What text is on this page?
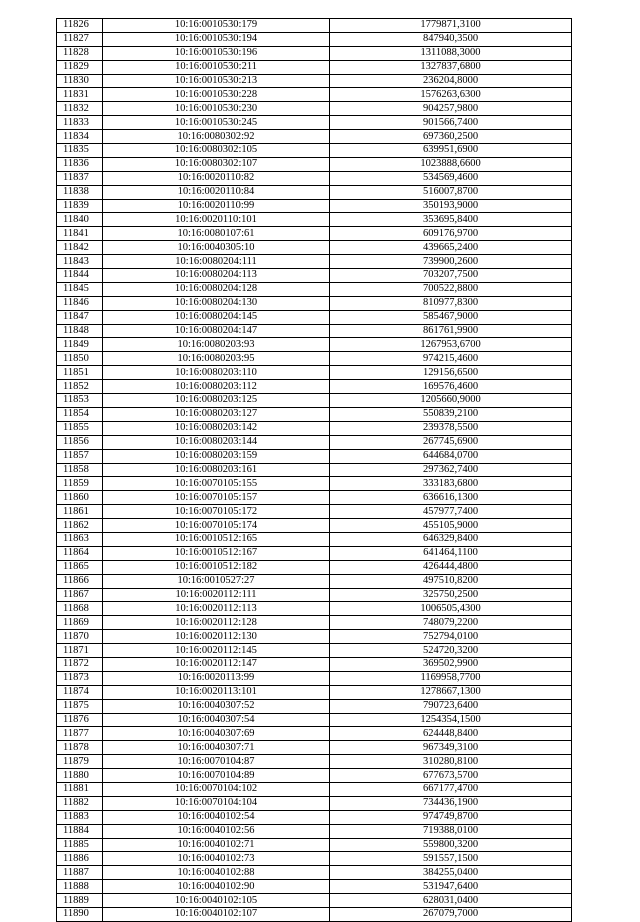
11826	10:16:0010530:179	1779871,3100
11827	10:16:0010530:194	847940,3500
11828	10:16:0010530:196	1311088,3000
11829	10:16:0010530:211	1327837,6800
11830	10:16:0010530:213	236204,8000
11831	10:16:0010530:228	1576263,6300
11832	10:16:0010530:230	904257,9800
11833	10:16:0010530:245	901566,7400
11834	10:16:0080302:92	697360,2500
11835	10:16:0080302:105	639951,6900
11836	10:16:0080302:107	1023888,6600
11837	10:16:0020110:82	534569,4600
11838	10:16:0020110:84	516007,8700
11839	10:16:0020110:99	350193,9000
11840	10:16:0020110:101	353695,8400
11841	10:16:0080107:61	609176,9700
11842	10:16:0040305:10	439665,2400
11843	10:16:0080204:111	739900,2600
11844	10:16:0080204:113	703207,7500
11845	10:16:0080204:128	700522,8800
11846	10:16:0080204:130	810977,8300
11847	10:16:0080204:145	585467,9000
11848	10:16:0080204:147	861761,9900
11849	10:16:0080203:93	1267953,6700
11850	10:16:0080203:95	974215,4600
11851	10:16:0080203:110	129156,6500
11852	10:16:0080203:112	169576,4600
11853	10:16:0080203:125	1205660,9000
11854	10:16:0080203:127	550839,2100
11855	10:16:0080203:142	239378,5500
11856	10:16:0080203:144	267745,6900
11857	10:16:0080203:159	644684,0700
11858	10:16:0080203:161	297362,7400
11859	10:16:0070105:155	333183,6800
11860	10:16:0070105:157	636616,1300
11861	10:16:0070105:172	457977,7400
11862	10:16:0070105:174	455105,9000
11863	10:16:0010512:165	646329,8400
11864	10:16:0010512:167	641464,1100
11865	10:16:0010512:182	426444,4800
11866	10:16:0010527:27	497510,8200
11867	10:16:0020112:111	325750,2500
11868	10:16:0020112:113	1006505,4300
11869	10:16:0020112:128	748079,2200
11870	10:16:0020112:130	752794,0100
11871	10:16:0020112:145	524720,3200
11872	10:16:0020112:147	369502,9900
11873	10:16:0020113:99	1169958,7700
11874	10:16:0020113:101	1278667,1300
11875	10:16:0040307:52	790723,6400
11876	10:16:0040307:54	1254354,1500
11877	10:16:0040307:69	624448,8400
11878	10:16:0040307:71	967349,3100
11879	10:16:0070104:87	310280,8100
11880	10:16:0070104:89	677673,5700
11881	10:16:0070104:102	667177,4700
11882	10:16:0070104:104	734436,1900
11883	10:16:0040102:54	974749,8700
11884	10:16:0040102:56	719388,0100
11885	10:16:0040102:71	559800,3200
11886	10:16:0040102:73	591557,1500
11887	10:16:0040102:88	384255,0400
11888	10:16:0040102:90	531947,6400
11889	10:16:0040102:105	628031,0400
11890	10:16:0040102:107	267079,7000
